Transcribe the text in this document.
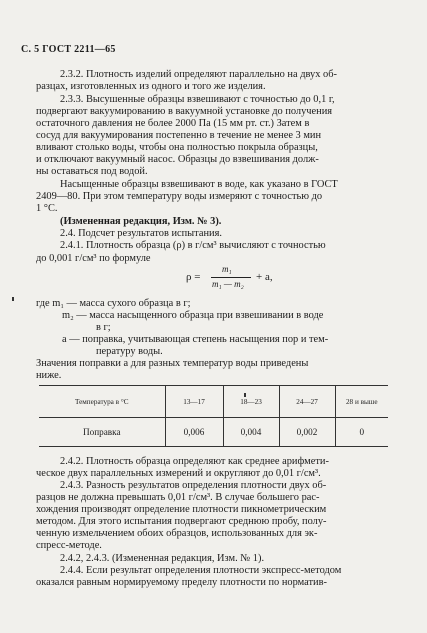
С. 5 ГОСТ 2211—65
2.3.2. Плотность изделий определяют параллельно на двух об-
разцах, изготовленных из одного и того же изделия.
2.3.3. Высушенные образцы взвешивают с точностью до 0,1 г,
подвергают вакуумированию в вакуумной установке до получения
остаточного давления не более 2000 Па (15 мм рт. ст.) Затем в
сосуд для вакуумирования постепенно в течение не менее 3 мин
вливают столько воды, чтобы она полностью покрыла образцы,
и отключают вакуумный насос. Образцы до взвешивания долж-
ны оставаться под водой.
Насыщенные образцы взвешивают в воде, как указано в ГОСТ
2409—80. При этом температуру воды измеряют с точностью до
1 °С.
(Измененная редакция, Изм. № 3).
2.4. Подсчет результатов испытания.
2.4.1. Плотность образца (ρ) в г/см³ вычисляют с точностью
до 0,001 г/см³ по формуле
ρ =
m₁
m₁ — m₂
+ a,
где m₁ — масса сухого образца в г;
m₂ — масса насыщенного образца при взвешивании в воде
в г;
a — поправка, учитывающая степень насыщения пор и тем-
пературу воды.
Значения поправки a для разных температур воды приведены
ниже.
Температура в °С	13—17	18—23	24—27	28 и выше
Поправка	0,006	0,004	0,002	0
2.4.2. Плотность образца определяют как среднее арифмети-
ческое двух параллельных измерений и округляют до 0,01 г/см³.
2.4.3. Разность результатов определения плотности двух об-
разцов не должна превышать 0,01 г/см³. В случае большего рас-
хождения производят определение плотности пикнометрическим
методом. Для этого испытания подвергают среднюю пробу, полу-
ченную измельчением обоих образцов, использованных для эк-
спресс-методе.
2.4.2, 2.4.3. (Измененная редакция, Изм. № 1).
2.4.4. Если результат определения плотности экспресс-методом
оказался равным нормируемому пределу плотности по норматив-
